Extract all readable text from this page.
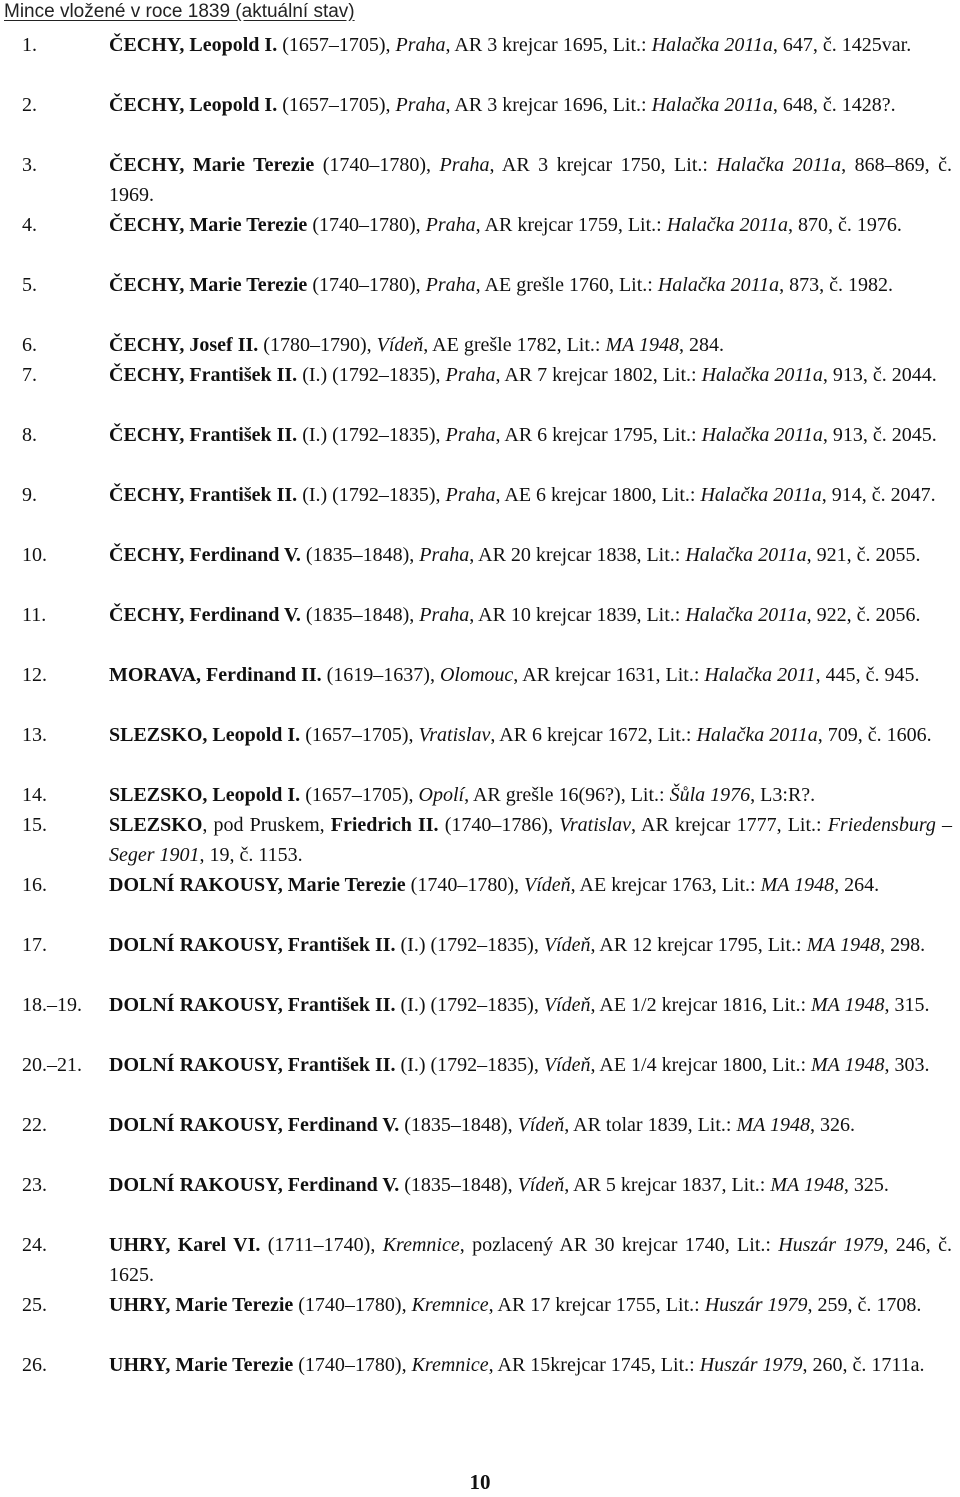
Mince vložené v roce 1839 (aktuální stav)
1.	ČECHY, Leopold I. (1657–1705), Praha, AR 3 krejcar 1695, Lit.: Halačka 2011a, 647, č. 1425var.
2.	ČECHY, Leopold I. (1657–1705), Praha, AR 3 krejcar 1696, Lit.: Halačka 2011a, 648, č. 1428?.
3.	ČECHY, Marie Terezie (1740–1780), Praha, AR 3 krejcar 1750, Lit.: Halačka 2011a, 868–869, č. 1969.
4.	ČECHY, Marie Terezie (1740–1780), Praha, AR krejcar 1759, Lit.: Halačka 2011a, 870, č. 1976.
5.	ČECHY, Marie Terezie (1740–1780), Praha, AE grešle 1760, Lit.: Halačka 2011a, 873, č. 1982.
6.	ČECHY, Josef II. (1780–1790), Vídeň, AE grešle 1782, Lit.: MA 1948, 284.
7.	ČECHY, František II. (I.) (1792–1835), Praha, AR 7 krejcar 1802, Lit.: Halačka 2011a, 913, č. 2044.
8.	ČECHY, František II. (I.) (1792–1835), Praha, AR 6 krejcar 1795, Lit.: Halačka 2011a, 913, č. 2045.
9.	ČECHY, František II. (I.) (1792–1835), Praha, AE 6 krejcar 1800, Lit.: Halačka 2011a, 914, č. 2047.
10.	ČECHY, Ferdinand V. (1835–1848), Praha, AR 20 krejcar 1838, Lit.: Halačka 2011a, 921, č. 2055.
11.	ČECHY, Ferdinand V. (1835–1848), Praha, AR 10 krejcar 1839, Lit.: Halačka 2011a, 922, č. 2056.
12.	MORAVA, Ferdinand II. (1619–1637), Olomouc, AR krejcar 1631, Lit.: Halačka 2011, 445, č. 945.
13.	SLEZSKO, Leopold I. (1657–1705), Vratislav, AR 6 krejcar 1672, Lit.: Halačka 2011a, 709, č. 1606.
14.	SLEZSKO, Leopold I. (1657–1705), Opolí, AR grešle 16(96?), Lit.: Šůla 1976, L3:R?.
15.	SLEZSKO, pod Pruskem, Friedrich II. (1740–1786), Vratislav, AR krejcar 1777, Lit.: Friedensburg – Seger 1901, 19, č. 1153.
16.	DOLNÍ RAKOUSY, Marie Terezie (1740–1780), Vídeň, AE krejcar 1763, Lit.: MA 1948, 264.
17.	DOLNÍ RAKOUSY, František II. (I.) (1792–1835), Vídeň, AR 12 krejcar 1795, Lit.: MA 1948, 298.
18.–19. DOLNÍ RAKOUSY, František II. (I.) (1792–1835), Vídeň, AE 1/2 krejcar 1816, Lit.: MA 1948, 315.
20.–21. DOLNÍ RAKOUSY, František II. (I.) (1792–1835), Vídeň, AE 1/4 krejcar 1800, Lit.: MA 1948, 303.
22.	DOLNÍ RAKOUSY, Ferdinand V. (1835–1848), Vídeň, AR tolar 1839, Lit.: MA 1948, 326.
23.	DOLNÍ RAKOUSY, Ferdinand V. (1835–1848), Vídeň, AR 5 krejcar 1837, Lit.: MA 1948, 325.
24.	UHRY, Karel VI. (1711–1740), Kremnice, pozlacený AR 30 krejcar 1740, Lit.: Huszár 1979, 246, č. 1625.
25.	UHRY, Marie Terezie (1740–1780), Kremnice, AR 17 krejcar 1755, Lit.: Huszár 1979, 259, č. 1708.
26.	UHRY, Marie Terezie (1740–1780), Kremnice, AR 15krejcar 1745, Lit.: Huszár 1979, 260, č. 1711a.
10
